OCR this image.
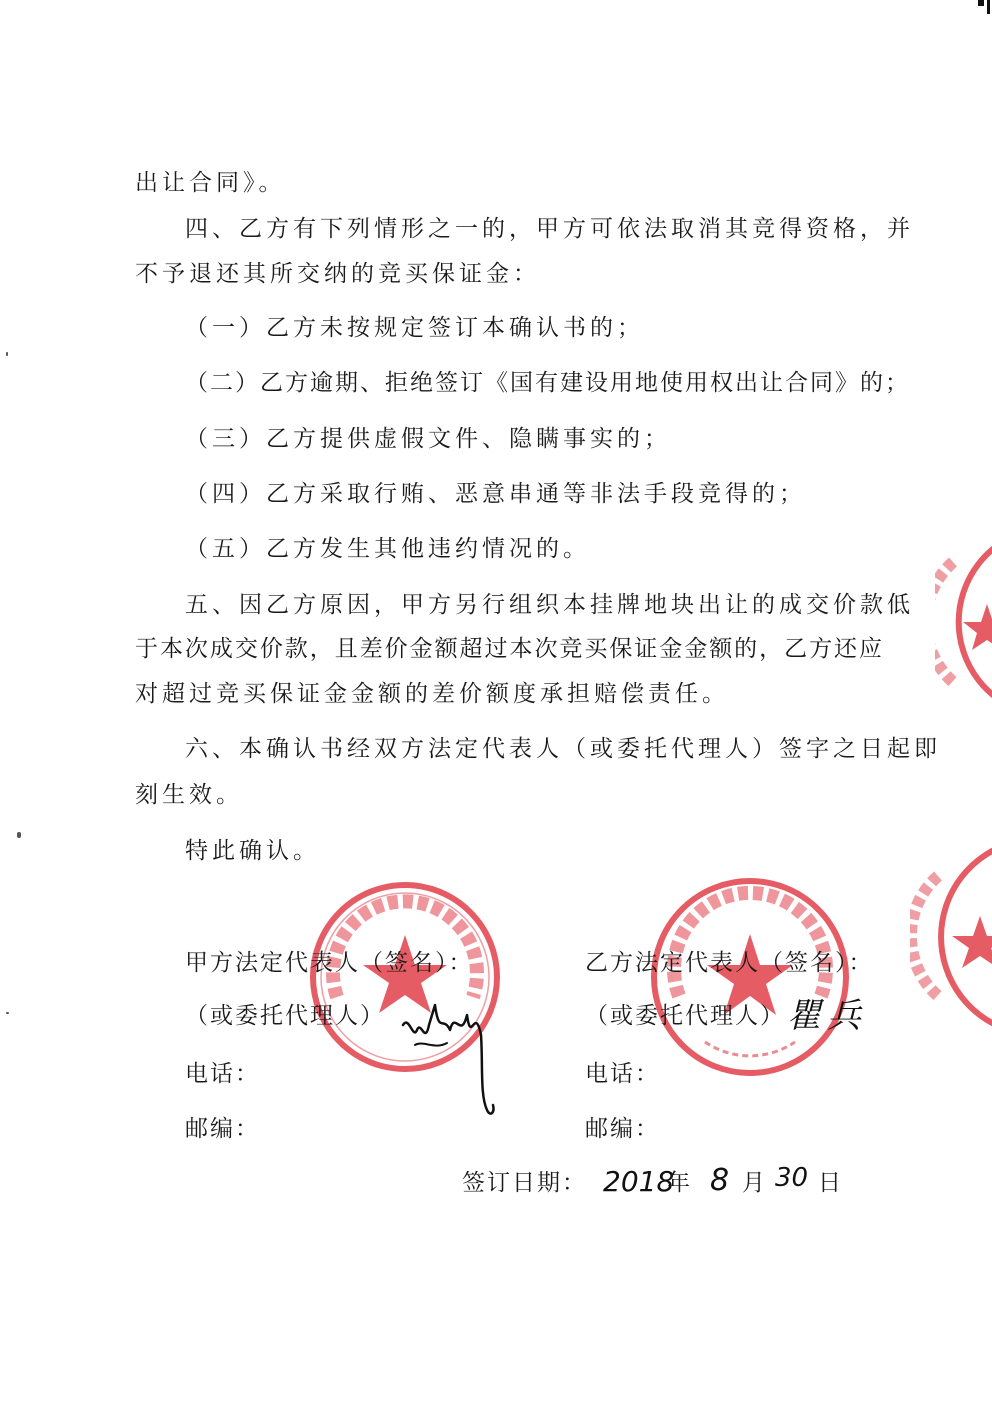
出让合同》。
四、乙方有下列情形之一的，甲方可依法取消其竞得资格，并
不予退还其所交纳的竞买保证金：
（一）乙方未按规定签订本确认书的；
（二）乙方逾期、拒绝签订《国有建设用地使用权出让合同》的；
（三）乙方提供虚假文件、隐瞒事实的；
（四）乙方采取行贿、恶意串通等非法手段竞得的；
（五）乙方发生其他违约情况的。
五、因乙方原因，甲方另行组织本挂牌地块出让的成交价款低
于本次成交价款，且差价金额超过本次竞买保证金金额的，乙方还应
对超过竞买保证金金额的差价额度承担赔偿责任。
六、本确认书经双方法定代表人（或委托代理人）签字之日起即
刻生效。
特此确认。
甲方法定代表人（签名）：
（或委托代理人）
电话：
邮编：
乙方法定代表人（签名）：
（或委托代理人） 瞿兵
电话：
邮编：
签订日期： 2018
年 8 月 30 日
